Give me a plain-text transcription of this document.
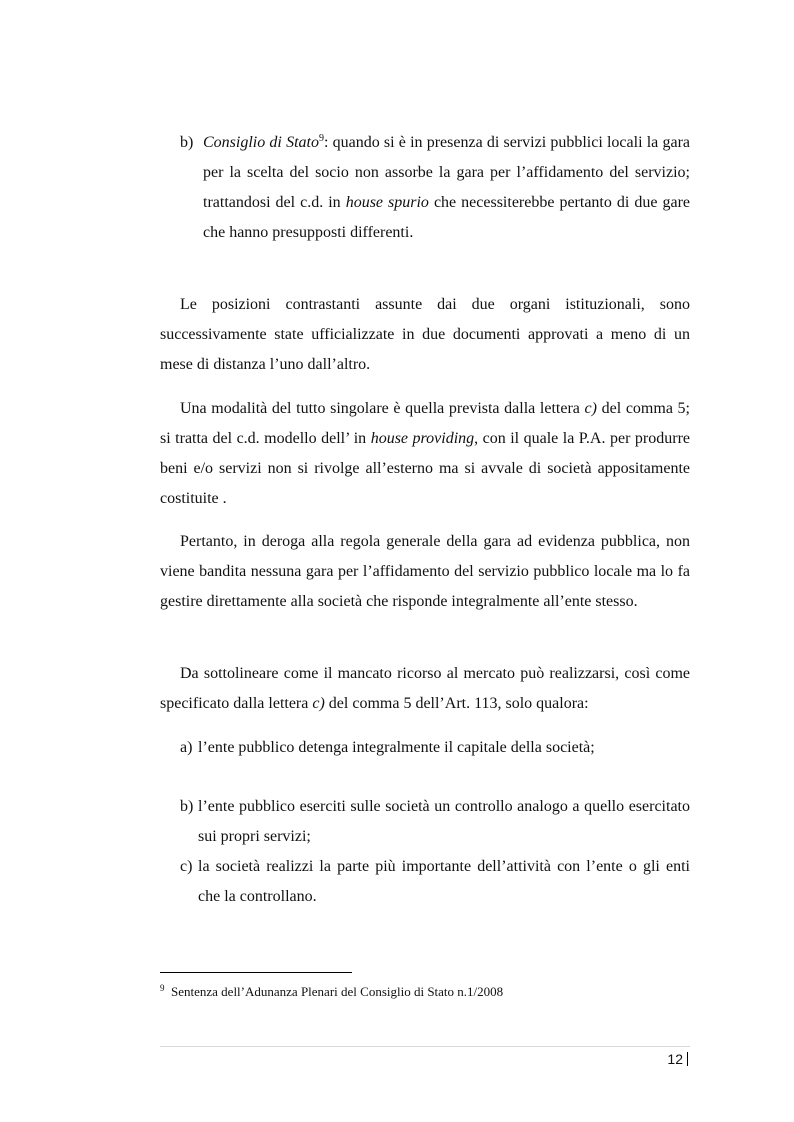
b) Consiglio di Stato$^9$: quando si è in presenza di servizi pubblici locali la gara per la scelta del socio non assorbe la gara per l’affidamento del servizio; trattandosi del c.d. in house spurio che necessiterebbe pertanto di due gare che hanno presupposti differenti.
Le posizioni contrastanti assunte dai due organi istituzionali, sono successivamente state ufficializzate in due documenti approvati a meno di un mese di distanza l’uno dall’altro.
Una modalità del tutto singolare è quella prevista dalla lettera c) del comma 5; si tratta del c.d. modello dell’ in house providing, con il quale la P.A. per produrre beni e/o servizi non si rivolge all’esterno ma si avvale di società appositamente costituite .
Pertanto, in deroga alla regola generale della gara ad evidenza pubblica, non viene bandita nessuna gara per l’affidamento del servizio pubblico locale ma lo fa gestire direttamente alla società che risponde integralmente all’ente stesso.
Da sottolineare come il mancato ricorso al mercato può realizzarsi, così come specificato dalla lettera c) del comma 5 dell’Art. 113, solo qualora:
a) l’ente pubblico detenga integralmente il capitale della società;
b) l’ente pubblico eserciti sulle società un controllo analogo a quello esercitato sui propri servizi;
c) la società realizzi la parte più importante dell’attività con l’ente o gli enti che la controllano.
$^9$ Sentenza dell’Adunanza Plenari del Consiglio di Stato n.1/2008
12
